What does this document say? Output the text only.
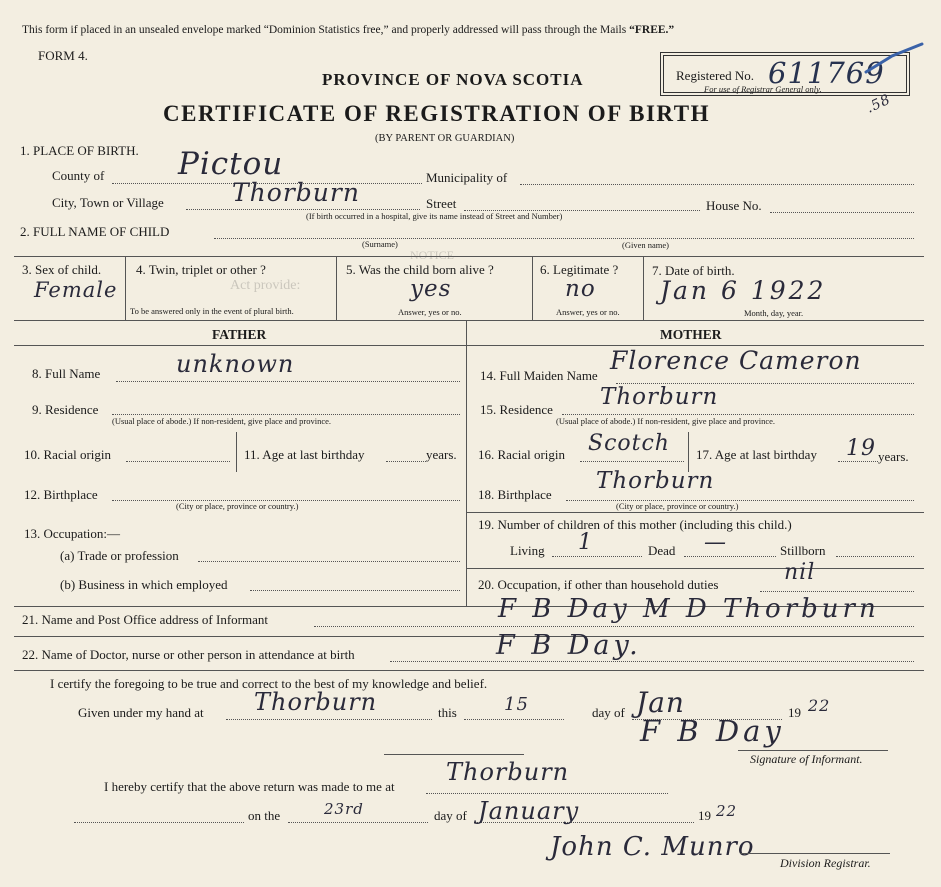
This form if placed in an unsealed envelope marked “Dominion Statistics free,” and properly addressed will pass through the Mails “FREE.”
FORM 4.
Registered No. 611769
For use of Registrar General only.
.58
PROVINCE OF NOVA SCOTIA
CERTIFICATE OF REGISTRATION OF BIRTH
(BY PARENT OR GUARDIAN)
1. PLACE OF BIRTH.
County of Pictou	Municipality of
City, Town or Village	Thorburn	Street	House No.
(If birth occurred in a hospital, give its name instead of Street and Number)
2. FULL NAME OF CHILD
(Surname)	(Given name)
NOTICE
Act provide:
3. Sex of child.
Female
4. Twin, triplet or other ?
To be answered only in the event of plural birth.
5. Was the child born alive ?
yes
Answer, yes or no.
6. Legitimate ?
no
Answer, yes or no.
7. Date of birth.
Jan 6 1922
Month, day, year.
FATHER	MOTHER
8. Full Name	unknown
9. Residence
(Usual place of abode.) If non-resident, give place and province.
10. Racial origin	11. Age at last birthday	years.
12. Birthplace
(City or place, province or country.)
13. Occupation:—
(a) Trade or profession
(b) Business in which employed
14. Full Maiden Name
Florence Cameron
15. Residence Thorburn
(Usual place of abode.) If non-resident, give place and province.
16. Racial origin Scotch 17. Age at last birthday 19 years.
18. Birthplace
Thorburn
(City or place, province or country.)
19. Number of children of this mother (including this child.)
Living 1	Dead —	Stillborn
20. Occupation, if other than household duties	nil
21. Name and Post Office address of Informant	F B Day M D Thorburn
22. Name of Doctor, nurse or other person in attendance at birth	F B Day.
I certify the foregoing to be true and correct to the best of my knowledge and belief.
Given under my hand at Thorburn	this	15	day of Jan	19 22
F B Day
Signature of Informant.
I hereby certify that the above return was made to me at
Thorburn
on the	23rd	day of January	19 22
John C. Munro
Division Registrar.
